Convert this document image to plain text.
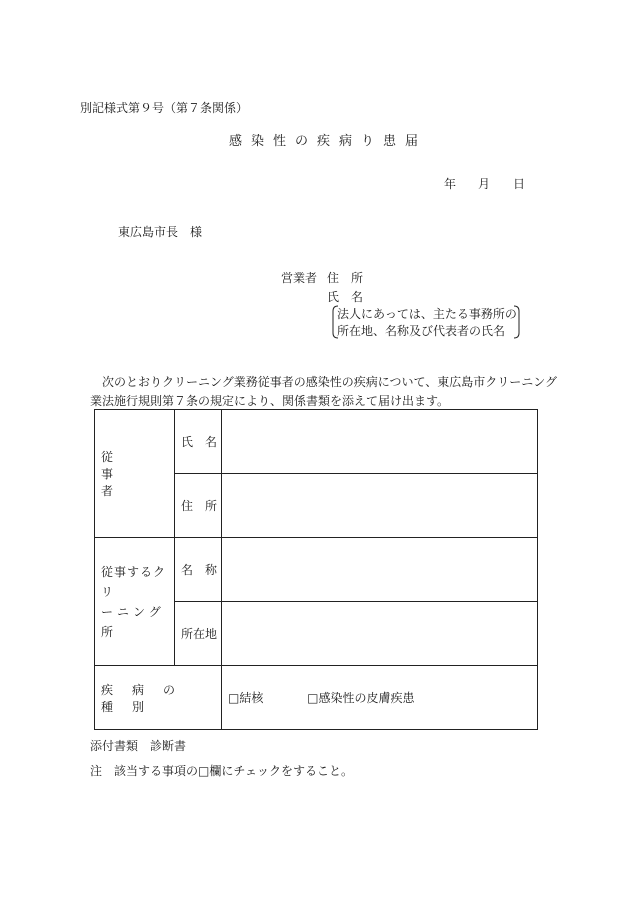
別記様式第９号（第７条関係）
感染性の疾病り患届
年 月 日
東広島市長　様
営業者 住　所
氏　名
法人にあっては、主たる事務所の
所在地、名称及び代表者の氏名
　次のとおりクリーニング業務従事者の感染性の疾病について、東広島市クリーニング
業法施行規則第７条の規定により、関係書類を添えて届け出ます。
従　事　者	氏　名	
	住　所	

従事するクリ
ーニング所	名　称	
	所在地	
疾病の種別		□結核 □感染性の皮膚疾患
添付書類　診断書
注　該当する事項の□欄にチェックをすること。
